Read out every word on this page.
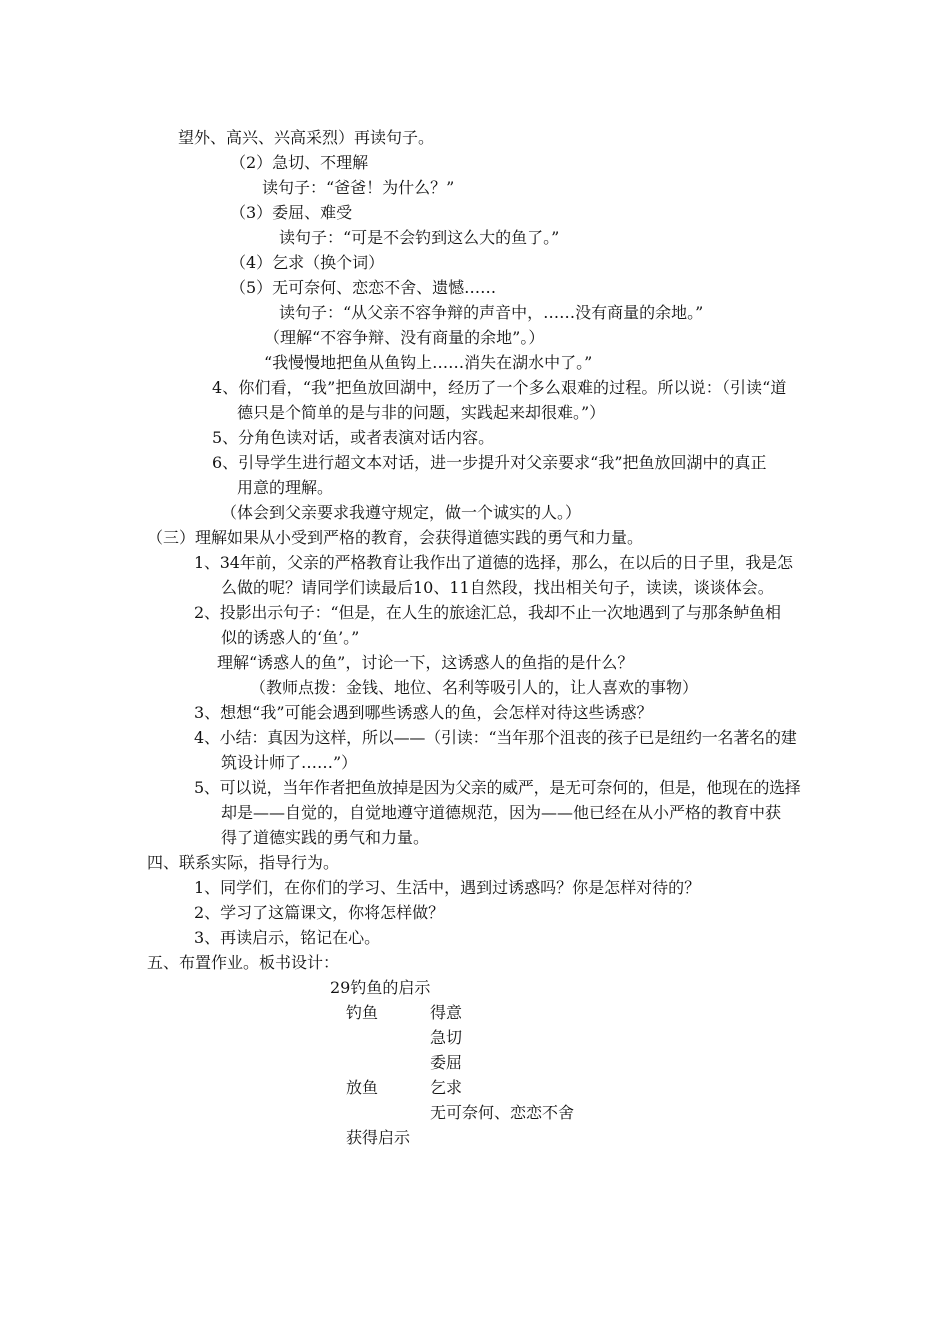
望外、高兴、兴高采烈）再读句子。
（2）急切、不理解
读句子：“爸爸！为什么？”
（3）委屈、难受
读句子：“可是不会钓到这么大的鱼了。”
（4）乞求（换个词）
（5）无可奈何、恋恋不舍、遗憾……
读句子：“从父亲不容争辩的声音中，……没有商量的余地。”
（理解“不容争辩、没有商量的余地”。）
“我慢慢地把鱼从鱼钩上……消失在湖水中了。”
4、你们看，“我”把鱼放回湖中，经历了一个多么艰难的过程。所以说：（引读“道
德只是个简单的是与非的问题，实践起来却很难。”）
5、分角色读对话，或者表演对话内容。
6、引导学生进行超文本对话，进一步提升对父亲要求“我”把鱼放回湖中的真正
用意的理解。
（体会到父亲要求我遵守规定，做一个诚实的人。）
（三）理解如果从小受到严格的教育，会获得道德实践的勇气和力量。
1、34年前，父亲的严格教育让我作出了道德的选择，那么，在以后的日子里，我是怎
么做的呢？请同学们读最后10、11自然段，找出相关句子，读读，谈谈体会。
2、投影出示句子：“但是，在人生的旅途汇总，我却不止一次地遇到了与那条鲈鱼相
似的诱惑人的‘鱼’。”
理解“诱惑人的鱼”，讨论一下，这诱惑人的鱼指的是什么？
（教师点拨：金钱、地位、名利等吸引人的，让人喜欢的事物）
3、想想“我”可能会遇到哪些诱惑人的鱼，会怎样对待这些诱惑？
4、小结：真因为这样，所以——（引读：“当年那个沮丧的孩子已是纽约一名著名的建
筑设计师了……”）
5、可以说，当年作者把鱼放掉是因为父亲的威严，是无可奈何的，但是，他现在的选择
却是——自觉的，自觉地遵守道德规范，因为——他已经在从小严格的教育中获
得了道德实践的勇气和力量。
四、联系实际，指导行为。
1、同学们，在你们的学习、生活中，遇到过诱惑吗？你是怎样对待的？
2、学习了这篇课文，你将怎样做？
3、再读启示，铭记在心。
五、布置作业。板书设计：
29钓鱼的启示
钓鱼	得意
急切
委屈
放鱼	乞求
无可奈何、恋恋不舍
获得启示
